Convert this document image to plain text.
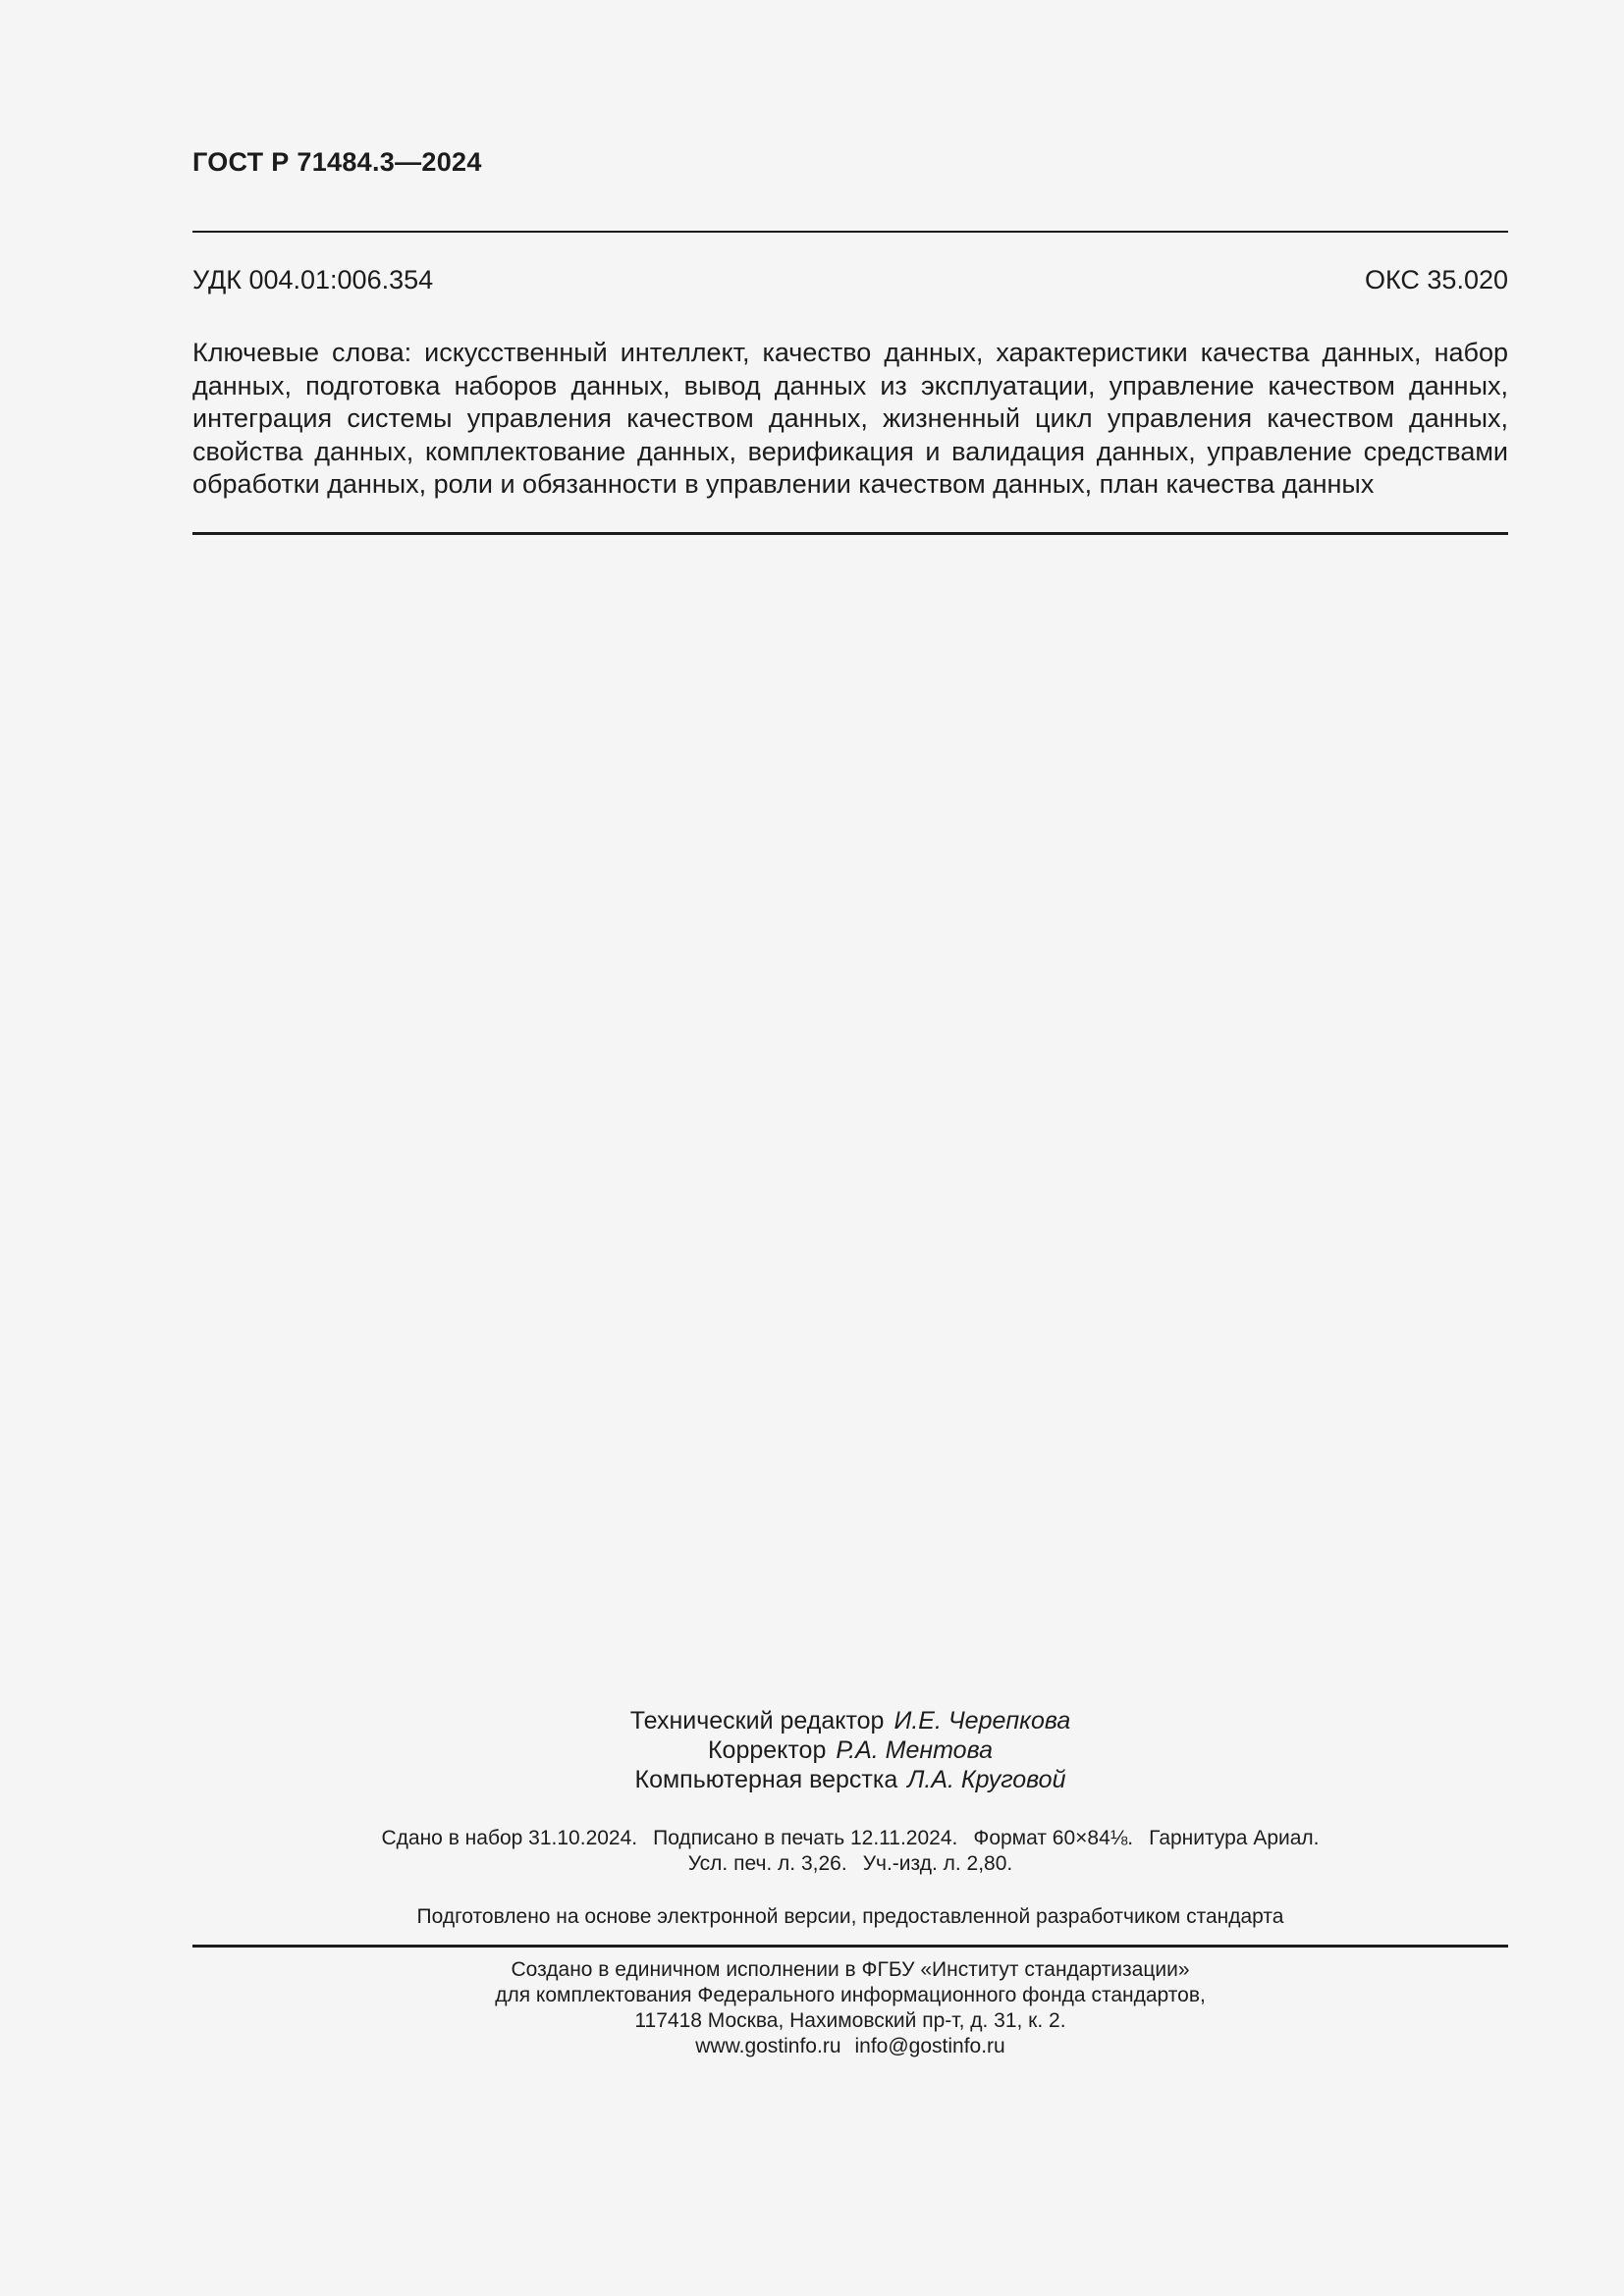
ГОСТ Р 71484.3—2024
УДК 004.01:006.354	ОКС 35.020
Ключевые слова: искусственный интеллект, качество данных, характеристики качества данных, набор данных, подготовка наборов данных, вывод данных из эксплуатации, управление качеством данных, интеграция системы управления качеством данных, жизненный цикл управления качеством данных, свойства данных, комплектование данных, верификация и валидация данных, управление средствами обработки данных, роли и обязанности в управлении качеством данных, план качества данных
Технический редактор И.Е. Черепкова
Корректор Р.А. Ментова
Компьютерная верстка Л.А. Круговой
Сдано в набор 31.10.2024. Подписано в печать 12.11.2024. Формат 60×84⅛. Гарнитура Ариал.
Усл. печ. л. 3,26. Уч.-изд. л. 2,80.
Подготовлено на основе электронной версии, предоставленной разработчиком стандарта
Создано в единичном исполнении в ФГБУ «Институт стандартизации»
для комплектования Федерального информационного фонда стандартов,
117418 Москва, Нахимовский пр-т, д. 31, к. 2.
www.gostinfo.ru info@gostinfo.ru
